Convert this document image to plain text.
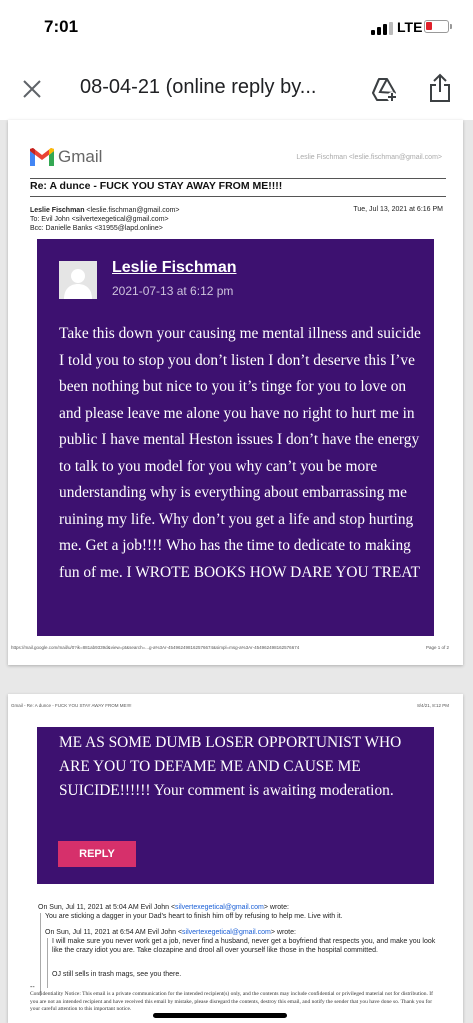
7:01	LTE
08-04-21 (online reply by...
Gmail	Leslie Fischman <leslie.fischman@gmail.com>
Re: A dunce - FUCK YOU STAY AWAY FROM ME!!!!
Leslie Fischman <leslie.fischman@gmail.com>
To: Evil John <silvertexegetical@gmail.com>
Bcc: Danielle Banks <31955@lapd.online>
Tue, Jul 13, 2021 at 6:16 PM
Leslie Fischman
2021-07-13 at 6:12 pm
Take this down your causing me mental illness and suicide I told you to stop you don’t listen I don’t deserve this I’ve been nothing but nice to you it’s tinge for you to love on and please leave me alone you have no right to hurt me in public I have mental Heston issues I don’t have the energy to talk to you model for you why can’t you be more understanding why is everything about embarrassing me ruining my life. Why don’t you get a life and stop hurting me. Get a job!!!! Who has the time to dedicate to making fun of me. I WROTE BOOKS HOW DARE YOU TREAT
https://mail.google.com/mail/u/0?ik=881ab9339d&view=pt&search=...g-a%3Ar-454962498162576674&simpl=msg-a%3Ar-454962498162576674	Page 1 of 2
Gmail - Re: A dunce - FUCK YOU STAY AWAY FROM ME!!!!	8/4/21, 8:12 PM
ME AS SOME DUMB LOSER OPPORTUNIST WHO ARE YOU TO DEFAME ME AND CAUSE ME SUICIDE!!!!!! Your comment is awaiting moderation.
REPLY
On Sun, Jul 11, 2021 at 5:04 AM Evil John <silvertexegetical@gmail.com> wrote:
You are sticking a dagger in your Dad’s heart to finish him off by refusing to help me. Live with it.
On Sun, Jul 11, 2021 at 6:54 AM Evil John <silvertexegetical@gmail.com> wrote:
I will make sure you never work get a job, never find a husband, never get a boyfriend that respects you, and make you look like the crazy idiot you are. Take clozapine and drool all over yourself like those in the hospital committed.
OJ still sells in trash mags, see you there.
--
Confidentiality Notice: This email is a private communication for the intended recipient(s) only, and the contents may include confidential or privileged material not for distribution. If you are not an intended recipient and have received this email by mistake, please disregard the contents, destroy this email, and notify the sender that you have done so. Thank you for your careful attention to this important notice.
